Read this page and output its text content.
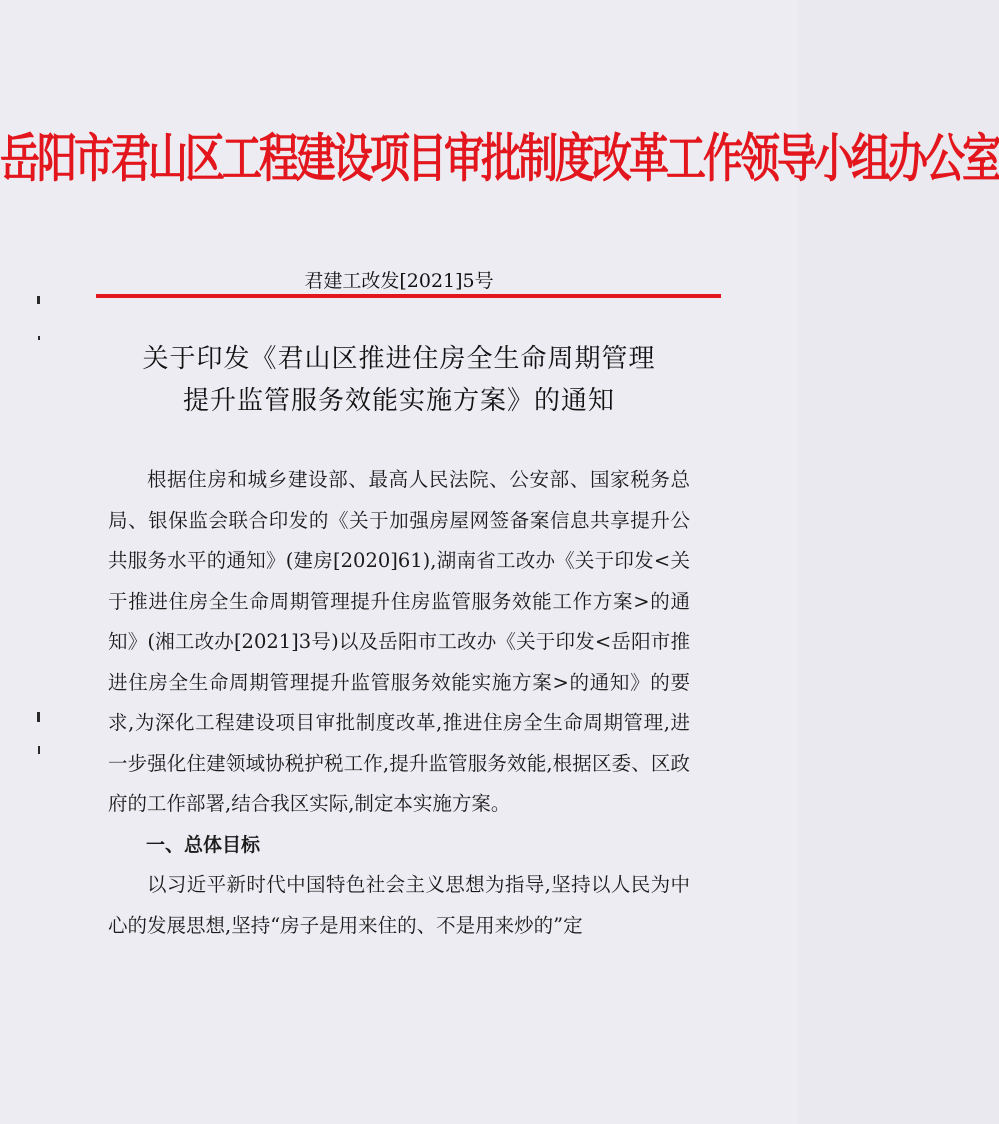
岳阳市君山区工程建设项目审批制度改革工作领导小组办公室
君建工改发[2021]5号
关于印发《君山区推进住房全生命周期管理
提升监管服务效能实施方案》的通知

根据住房和城乡建设部、最高人民法院、公安部、国家税务总局、银保监会联合印发的《关于加强房屋网签备案信息共享提升公共服务水平的通知》(建房[2020]61),湖南省工改办《关于印发<关于推进住房全生命周期管理提升住房监管服务效能工作方案>的通知》(湘工改办[2021]3号)以及岳阳市工改办《关于印发<岳阳市推进住房全生命周期管理提升监管服务效能实施方案>的通知》的要求,为深化工程建设项目审批制度改革,推进住房全生命周期管理,进一步强化住建领域协税护税工作,提升监管服务效能,根据区委、区政府的工作部署,结合我区实际,制定本实施方案。

一、总体目标

以习近平新时代中国特色社会主义思想为指导,坚持以人民为中心的发展思想,坚持“房子是用来住的、不是用来炒的”定
